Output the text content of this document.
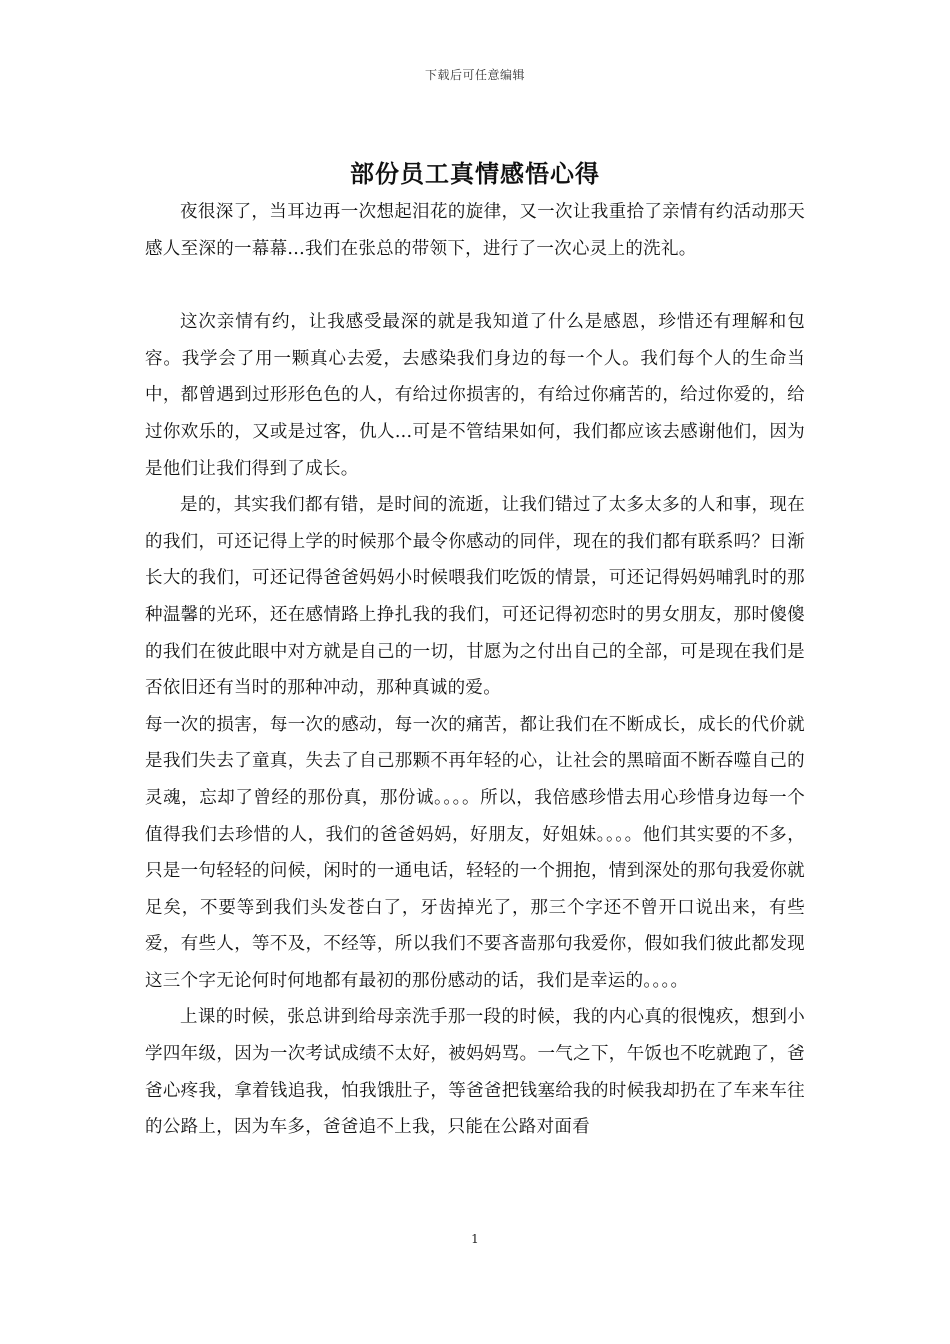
下载后可任意编辑
部份员工真情感悟心得

夜很深了，当耳边再一次想起泪花的旋律，又一次让我重拾了亲情有约活动那天感人至深的一幕幕...我们在张总的带领下，进行了一次心灵上的洗礼。

这次亲情有约，让我感受最深的就是我知道了什么是感恩，珍惜还有理解和包容。我学会了用一颗真心去爱，去感染我们身边的每一个人。我们每个人的生命当中，都曾遇到过形形色色的人，有给过你损害的，有给过你痛苦的，给过你爱的，给过你欢乐的，又或是过客，仇人...可是不管结果如何，我们都应该去感谢他们，因为是他们让我们得到了成长。

是的，其实我们都有错，是时间的流逝，让我们错过了太多太多的人和事，现在的我们，可还记得上学的时候那个最令你感动的同伴，现在的我们都有联系吗？日渐长大的我们，可还记得爸爸妈妈小时候喂我们吃饭的情景，可还记得妈妈哺乳时的那种温馨的光环，还在感情路上挣扎我的我们，可还记得初恋时的男女朋友，那时傻傻的我们在彼此眼中对方就是自己的一切，甘愿为之付出自己的全部，可是现在我们是否依旧还有当时的那种冲动，那种真诚的爱。

每一次的损害，每一次的感动，每一次的痛苦，都让我们在不断成长，成长的代价就是我们失去了童真，失去了自己那颗不再年轻的心，让社会的黑暗面不断吞噬自己的灵魂，忘却了曾经的那份真，那份诚。。。。所以，我倍感珍惜去用心珍惜身边每一个值得我们去珍惜的人，我们的爸爸妈妈，好朋友，好姐妹。。。。他们其实要的不多，只是一句轻轻的问候，闲时的一通电话，轻轻的一个拥抱，情到深处的那句我爱你就足矣，不要等到我们头发苍白了，牙齿掉光了，那三个字还不曾开口说出来，有些爱，有些人，等不及，不经等，所以我们不要吝啬那句我爱你，假如我们彼此都发现这三个字无论何时何地都有最初的那份感动的话，我们是幸运的。。。。

上课的时候，张总讲到给母亲洗手那一段的时候，我的内心真的很愧疚，想到小学四年级，因为一次考试成绩不太好，被妈妈骂。一气之下，午饭也不吃就跑了，爸爸心疼我，拿着钱追我，怕我饿肚子，等爸爸把钱塞给我的时候我却扔在了车来车往的公路上，因为车多，爸爸追不上我，只能在公路对面看

1
